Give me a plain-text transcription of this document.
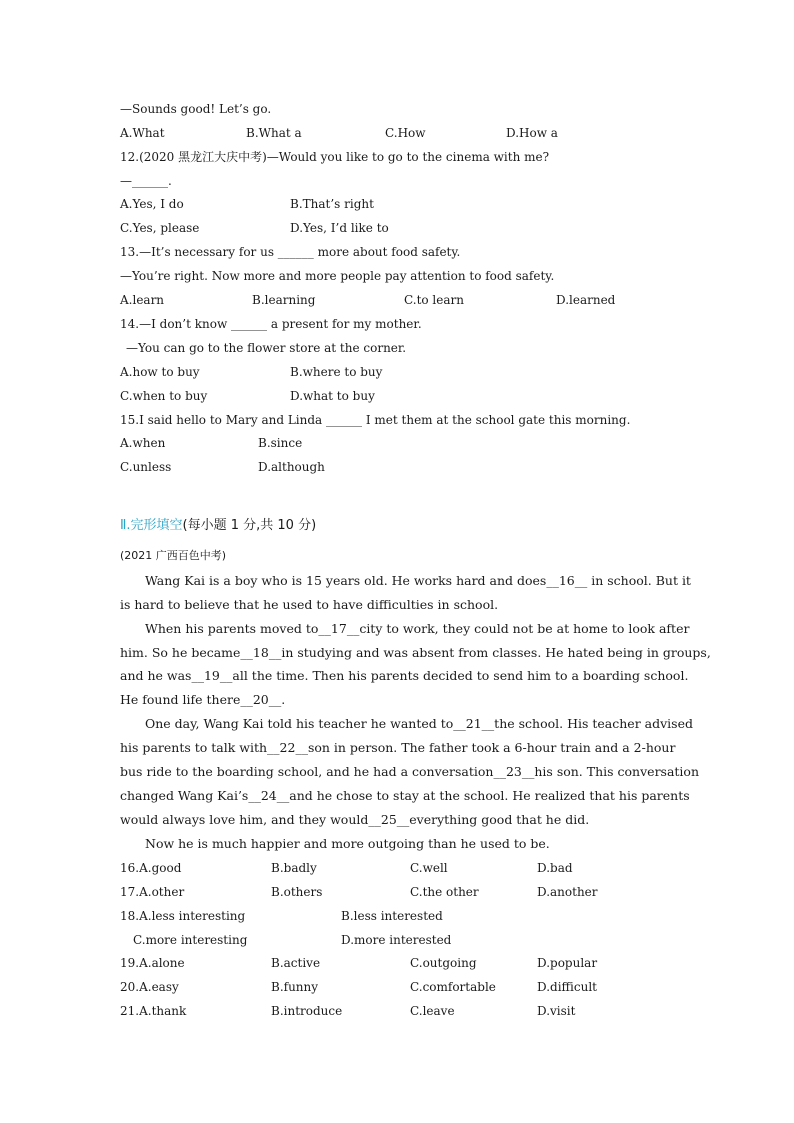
—Sounds good! Let’s go.
A.What	B.What a	C.How	D.How a
12.(2020 黑龙江大庆中考)—Would you like to go to the cinema with me?
—______.
A.Yes, I do	B.That’s right
C.Yes, please	D.Yes, I’d like to
13.—It’s necessary for us ______ more about food safety.
—You’re right. Now more and more people pay attention to food safety.
A.learn	B.learning	C.to learn	D.learned
14.—I don’t know ______ a present for my mother.
—You can go to the flower store at the corner.
A.how to buy	B.where to buy
C.when to buy	D.what to buy
15.I said hello to Mary and Linda ______ I met them at the school gate this morning.
A.when	B.since
C.unless	D.although
Ⅱ.完形填空(每小题 1 分,共 10 分)
(2021 广西百色中考)
Wang Kai is a boy who is 15 years old. He works hard and does__16__ in school. But it
is hard to believe that he used to have difficulties in school.
When his parents moved to__17__city to work, they could not be at home to look after
him. So he became__18__in studying and was absent from classes. He hated being in groups,
and he was__19__all the time. Then his parents decided to send him to a boarding school.
He found life there__20__.
One day, Wang Kai told his teacher he wanted to__21__the school. His teacher advised
his parents to talk with__22__son in person. The father took a 6-hour train and a 2-hour
bus ride to the boarding school, and he had a conversation__23__his son. This conversation
changed Wang Kai’s__24__and he chose to stay at the school. He realized that his parents
would always love him, and they would__25__everything good that he did.
Now he is much happier and more outgoing than he used to be.
16.A.good	B.badly	C.well	D.bad
17.A.other	B.others	C.the other	D.another
18.A.less interesting	B.less interested
C.more interesting	D.more interested
19.A.alone	B.active	C.outgoing	D.popular
20.A.easy	B.funny	C.comfortable	D.difficult
21.A.thank	B.introduce	C.leave	D.visit
